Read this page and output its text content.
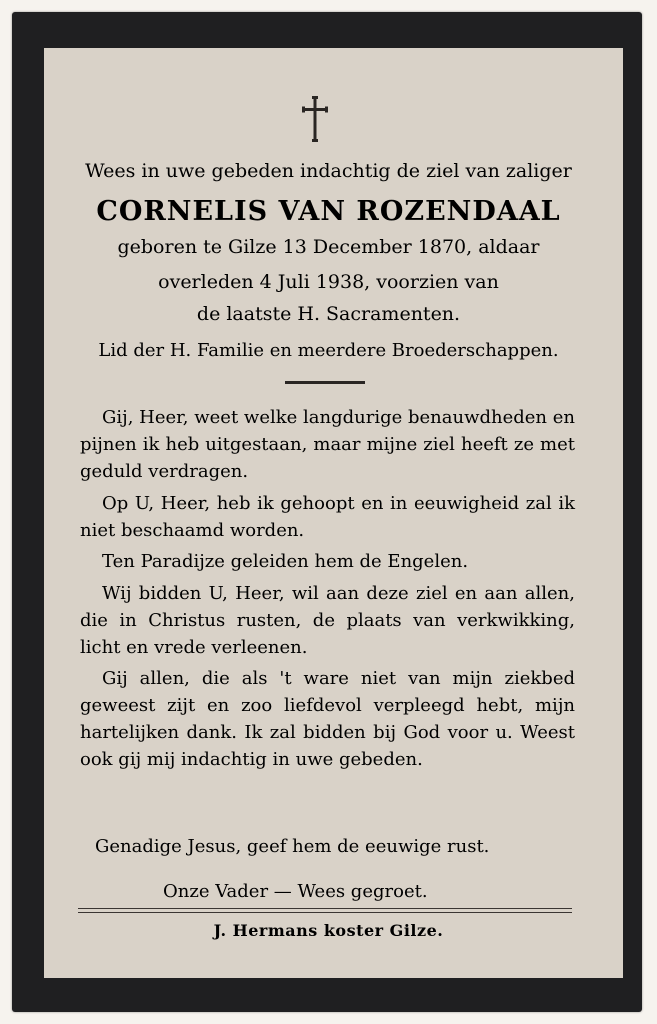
Wees in uwe gebeden indachtig de ziel van zaliger

CORNELIS VAN ROZENDAAL

geboren te Gilze 13 December 1870, aldaar

overleden 4 Juli 1938, voorzien van

de laatste H. Sacramenten.

Lid der H. Familie en meerdere Broederschappen.

Gij, Heer, weet welke langdurige benauwdheden en pijnen ik heb uitgestaan, maar mijne ziel heeft ze met geduld verdragen.

Op U, Heer, heb ik gehoopt en in eeuwigheid zal ik niet beschaamd worden.

Ten Paradijze geleiden hem de Engelen.

Wij bidden U, Heer, wil aan deze ziel en aan allen, die in Christus rusten, de plaats van verkwikking, licht en vrede verleenen.

Gij allen, die als 't ware niet van mijn ziekbed geweest zijt en zoo liefdevol verpleegd hebt, mijn hartelijken dank. Ik zal bidden bij God voor u. Weest ook gij mij indachtig in uwe gebeden.

Genadige Jesus, geef hem de eeuwige rust.

Onze Vader — Wees gegroet.

J. Hermans koster Gilze.
